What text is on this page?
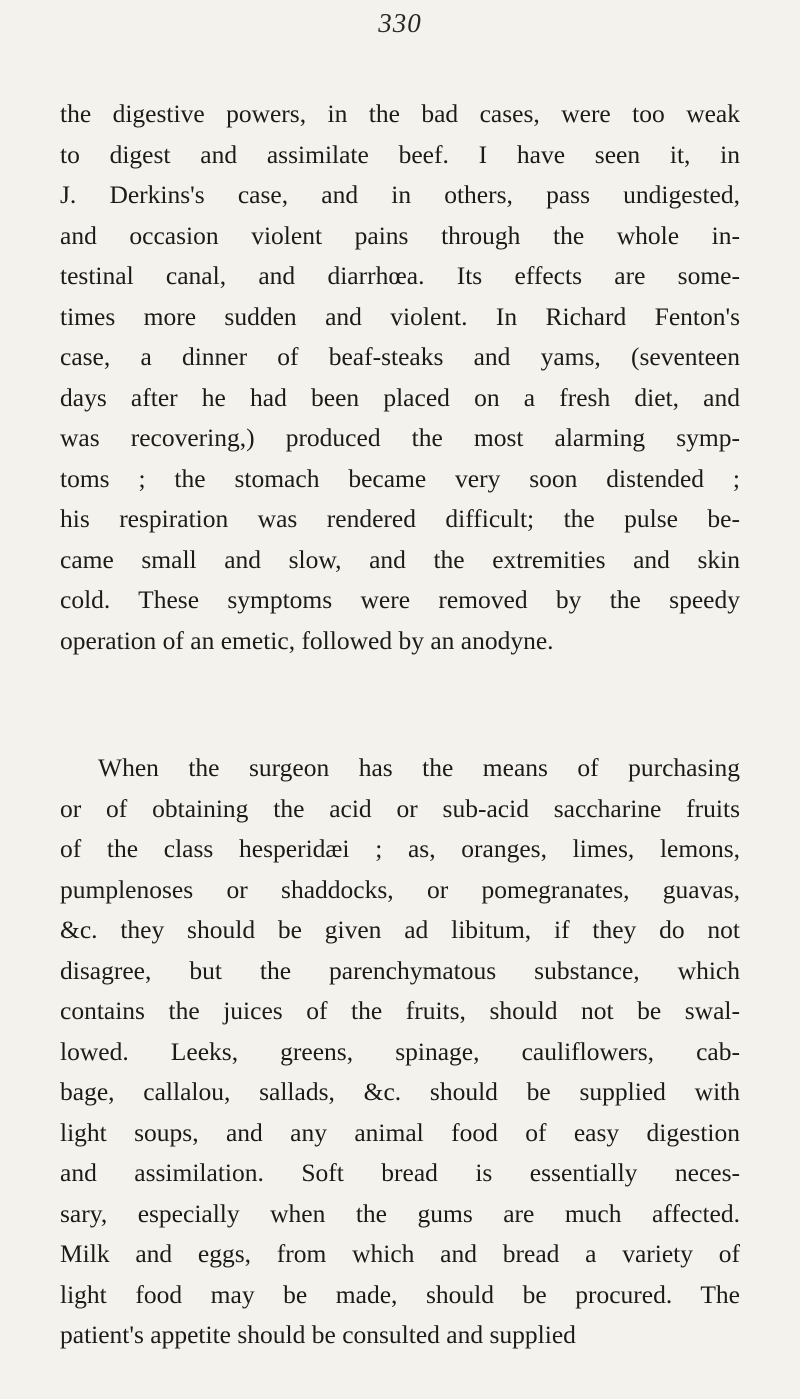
330
the digestive powers, in the bad cases, were too weak
to digest and assimilate beef. I have seen it, in
J. Derkins's case, and in others, pass undigested,
and occasion violent pains through the whole in-
testinal canal, and diarrhœa. Its effects are some-
times more sudden and violent. In Richard Fenton's
case, a dinner of beaf-steaks and yams, (seventeen
days after he had been placed on a fresh diet, and
was recovering,) produced the most alarming symp-
toms ; the stomach became very soon distended ;
his respiration was rendered difficult; the pulse be-
came small and slow, and the extremities and skin
cold. These symptoms were removed by the speedy
operation of an emetic, followed by an anodyne.
When the surgeon has the means of purchasing
or of obtaining the acid or sub-acid saccharine fruits
of the class hesperidæi ; as, oranges, limes, lemons,
pumplenoses or shaddocks, or pomegranates, guavas,
&c. they should be given ad libitum, if they do not
disagree, but the parenchymatous substance, which
contains the juices of the fruits, should not be swal-
lowed. Leeks, greens, spinage, cauliflowers, cab-
bage, callalou, sallads, &c. should be supplied with
light soups, and any animal food of easy digestion
and assimilation. Soft bread is essentially neces-
sary, especially when the gums are much affected.
Milk and eggs, from which and bread a variety of
light food may be made, should be procured. The
patient's appetite should be consulted and supplied
